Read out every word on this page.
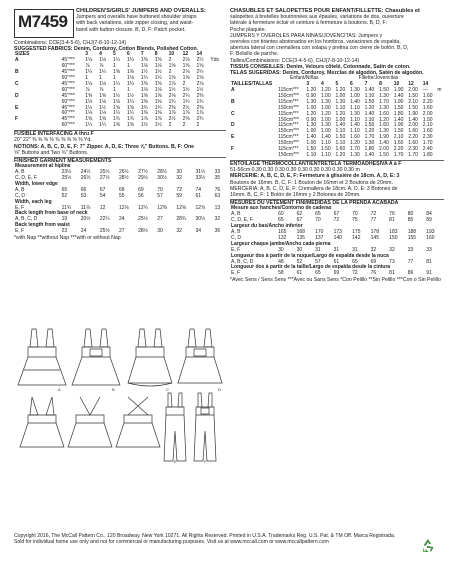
M7459
CHILDREN'S/GIRLS' JUMPERS AND OVERALLS:
Jumpers and overalls have buttoned shoulder straps
with back variations, side zipper closing, and waist-
band with button closure. B, D, F: Patch pocket.
Combinations: CCE(3-4-5-6), CHJ(7-8-10-12-14)
SUGGESTED FABRICS: Denim, Corduroy, Cotton Blends, Polished Cotton.
SIZES		3	4	5	6	7	8	10	12	14	
A	45"***	1⅛	1⅛	1¼	1¼	1⅜	1⅜	2	2⅛	2¼	Yds
	60"***	⅞	⅞	1	1	1⅛	1⅛	1⅝	1⅝	1⅝	
B	45"***	1¼	1¼	1⅜	1⅜	1½	1½	2	2⅛	2¼	
	60"***	1	1	1	1⅛	1¼	1¼	1⅝	1⅝	1⅝	
C	45"***	1⅛	1⅛	1¼	1¼	1⅜	1⅜	1⅞	2	2⅛	
	60"***	⅞	⅞	1	1	1⅛	1⅛	1½	1½	1½	
D	45"***	1⅜	1⅜	1½	1½	1⅝	1⅝	2⅛	2¼	2⅜	
	60"***	1⅛	1⅛	1⅛	1¼	1⅜	1⅜	1¾	1¾	1¾	
E	45"***	1½	1½	1⅝	1⅝	1¾	1¾	2⅜	2½	2⅝	
	60"***	1⅛	1⅛	1¼	1¼	1⅜	1⅜	1⅞	1⅞	1⅞	
F	45"***	1⅝	1⅝	1¾	1¾	1⅞	1⅞	2½	2⅝	2¾	
	60"***	1¼	1¼	1⅜	1⅜	1½	1½	2	2	2	
FUSIBLE INTERFACING A thru F
20" 22" ⅜ ⅜ ⅜ ⅜ ⅜ ⅜ ⅜ ⅜ ⅜ Yd.
NOTIONS: A, B, C, D, E, F: 7" Zipper. A, D, E: Three ⅝" Buttons. B, F: One
⅝" Buttons and Two ¾" Buttons.
FINISHED GARMENT MEASUREMENTS
Measurement at hipline									
A, B	23½	24½	25½	26½	27½	28½	30	31½	33
C, D, E, F	25½	26½	27½	28½	29½	30½	32	33½	35
Width, lower edge									
A, B	65	66	67	68	69	70	72	74	76
C, D	52	53	54	55	56	57	59	61	63
Width, each leg									
E, F	11¾	11⅞	12	12⅛	12¼	12⅜	12⅝	12⅞	13
Back length from base of neck									
A, B, C, D	19	20½	22¼	24	25½	27	28¾	30½	32
Back length from waist									
E, F	23	24	25½	27	28½	30	32	34	36
*with Nap **without Nap ***with or without Nap
A	B	C	D
E	F
CHASUBLES ET SALOPETTES POUR ENFANT/FILLETTE: Chasubles et
salopettes à bretelles boutonnées aux épaules, variations de dos, ouverture
latérale à fermeture éclair et ceinture à fermeture à boutons. B, D, F:
Poche plaquée.
JUMPERS Y OVEROLES PARA NIÑAS/JOVENCITAS: Jumpers y
overoles con tirantes abotonados en los hombros, variaciones de espalda,
abertura lateral con cremallera con solapa y pretina con cierre de botón. B, D,
F: Bolsillo de parche.
Tailles/Combinaisons: CCE(3-4-5-6), CHJ(7-8-10-12-14)
TISSUS CONSEILLÉS: Denim, Velours côtelé, Cotonnade, Satin de coton.
TELAS SUGERIDAS: Denim, Corduroy, Mezclas de algodón, Satén de algodón.
Enfant/Niñas	Fillette/Jovencitas
TAILLES/TALLAS		3	4	5	6	7	8	10	12	14	
A	115cm***	1.20	1.20	1.20	1.30	1.40	1.50	1.90	2.00	—	m
	150cm***	0.90	1.00	1.00	1.00	1.10	1.30	1.40	1.50	1.60	
B	115cm***	1.30	1.30	1.30	1.40	1.50	1.70	1.90	2.10	2.20	
	150cm***	1.00	1.00	1.10	1.10	1.20	1.30	1.50	1.50	1.60	
C	115cm***	1.20	1.20	1.20	1.30	1.40	1.60	1.80	1.90	2.00	
	150cm***	0.90	1.00	1.00	1.10	1.10	1.20	1.40	1.40	1.50	
D	115cm***	1.30	1.30	1.40	1.40	1.50	1.60	1.90	2.00	2.10	
	150cm***	1.00	1.00	1.10	1.10	1.20	1.30	1.50	1.60	1.60	
E	115cm***	1.40	1.40	1.50	1.60	1.70	1.90	2.10	2.20	2.30	
	150cm***	1.00	1.10	1.10	1.20	1.30	1.40	1.60	1.60	1.70	
F	115cm***	1.50	1.50	1.60	1.70	1.80	2.00	2.20	2.30	2.40	
	150cm***	1.10	1.10	1.20	1.30	1.40	1.50	1.70	1.70	1.80	
ENTOILAGE THERMOCOLLANT/ENTRETELA TERMOADHESIVA A à F
51-56cm 0.30 0.30 0.30 0.30 0.30 0.30 0.30 0.30 0.30 m
MERCERIE: A, B, C, D, E, F: Fermeture à glissière de 18cm. A, D, E: 3
Boutons de 16mm. B, C, F: 1 Bouton de 16mm et 2 Boutons de 20mm.
MERCERÍA: A, B, C, D, E, F: Cremallera de 18cm. A, D, E: 3 Botones de
16mm. B, C, F: 1 Botón de 16mm y 2 Botones de 20mm.
MESURES DU VÊTEMENT FINI/MEDIDAS DE LA PRENDA ACABADA
Mesure aux hanches/Contorno de caderas									
A, B	60	62	65	67	70	72	76	80	84
C, D, E, F	65	67	70	72	75	77	81	85	89
Largeur du bas/Ancho inferior									
A, B	165	168	170	173	175	178	183	188	193
C, D	132	135	137	140	142	145	150	155	160
Largeur chaque jambe/Ancho cada pierna									
E, F	30	30	31	31	31	32	32	33	33
Longueur dos à partir de la nuque/Largo de espalda desde la nuca									
A, B, C, D	48	52	57	61	65	69	73	77	81
Longueur dos à partir de la taille/Largo de espalda desde la cintura									
E, F	58	61	65	69	72	76	81	86	91
*Avec Sens / Sens Sens ***Avec ou Sans Sens *Con Pelillo **Sin Pelillo ***Con o Sin Pelillo
Copyright 2016, The McCall Pattern Co., 120 Broadway, New York 10271. All Rights Reserved. Printed in U.S.A. Trademarks Reg. U.S. Pat. & TM Off. Marca Registrada.
Sold for individual home use only and not for commercial or manufacturing purposes. Visit us at www.mccall.com or www.mccallpattern.com
